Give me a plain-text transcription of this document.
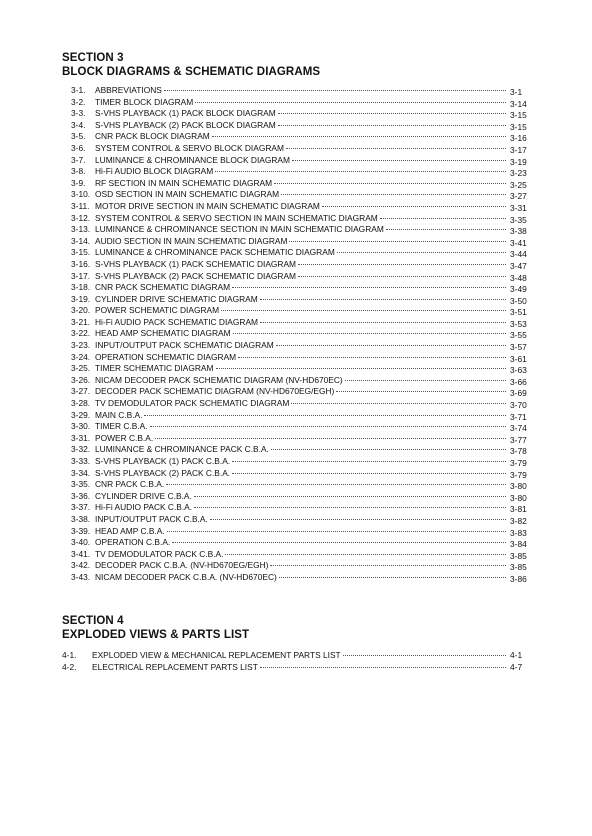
SECTION 3
BLOCK DIAGRAMS & SCHEMATIC DIAGRAMS
3-1.	ABBREVIATIONS	3-1
3-2.	TIMER BLOCK DIAGRAM	3-14
3-3.	S-VHS PLAYBACK (1) PACK BLOCK DIAGRAM	3-15
3-4.	S-VHS PLAYBACK (2) PACK BLOCK DIAGRAM	3-15
3-5.	CNR PACK BLOCK DIAGRAM	3-16
3-6.	SYSTEM CONTROL & SERVO BLOCK DIAGRAM	3-17
3-7.	LUMINANCE & CHROMINANCE BLOCK DIAGRAM	3-19
3-8.	Hi-Fi AUDIO BLOCK DIAGRAM	3-23
3-9.	RF SECTION IN MAIN SCHEMATIC DIAGRAM	3-25
3-10. OSD SECTION IN MAIN SCHEMATIC DIAGRAM	3-27
3-11. MOTOR DRIVE SECTION IN MAIN SCHEMATIC DIAGRAM	3-31
3-12. SYSTEM CONTROL & SERVO SECTION IN MAIN SCHEMATIC DIAGRAM	3-35
3-13. LUMINANCE & CHROMINANCE SECTION IN MAIN SCHEMATIC DIAGRAM	3-38
3-14. AUDIO SECTION IN MAIN SCHEMATIC DIAGRAM	3-41
3-15. LUMINANCE & CHROMINANCE PACK SCHEMATIC DIAGRAM	3-44
3-16. S-VHS PLAYBACK (1) PACK SCHEMATIC DIAGRAM	3-47
3-17. S-VHS PLAYBACK (2) PACK SCHEMATIC DIAGRAM	3-48
3-18. CNR PACK SCHEMATIC DIAGRAM	3-49
3-19. CYLINDER DRIVE SCHEMATIC DIAGRAM	3-50
3-20. POWER SCHEMATIC DIAGRAM	3-51
3-21. Hi-Fi AUDIO PACK SCHEMATIC DIAGRAM	3-53
3-22. HEAD AMP SCHEMATIC DIAGRAM	3-55
3-23. INPUT/OUTPUT PACK SCHEMATIC DIAGRAM	3-57
3-24. OPERATION SCHEMATIC DIAGRAM	3-61
3-25. TIMER SCHEMATIC DIAGRAM	3-63
3-26. NICAM DECODER PACK SCHEMATIC DIAGRAM (NV-HD670EC)	3-66
3-27. DECODER PACK SCHEMATIC DIAGRAM (NV-HD670EG/EGH)	3-69
3-28. TV DEMODULATOR PACK SCHEMATIC DIAGRAM	3-70
3-29. MAIN C.B.A.	3-71
3-30. TIMER C.B.A.	3-74
3-31. POWER C.B.A.	3-77
3-32. LUMINANCE & CHROMINANCE PACK C.B.A.	3-78
3-33. S-VHS PLAYBACK (1) PACK C.B.A.	3-79
3-34. S-VHS PLAYBACK (2) PACK C.B.A.	3-79
3-35. CNR PACK C.B.A.	3-80
3-36. CYLINDER DRIVE C.B.A.	3-80
3-37. Hi-Fi AUDIO PACK C.B.A.	3-81
3-38. INPUT/OUTPUT PACK C.B.A.	3-82
3-39. HEAD AMP C.B.A.	3-83
3-40. OPERATION C.B.A.	3-84
3-41. TV DEMODULATOR PACK C.B.A.	3-85
3-42. DECODER PACK C.B.A. (NV-HD670EG/EGH)	3-85
3-43. NICAM DECODER PACK C.B.A. (NV-HD670EC)	3-86
SECTION 4
EXPLODED VIEWS & PARTS LIST
4-1.	EXPLODED VIEW & MECHANICAL REPLACEMENT PARTS LIST	4-1
4-2.	ELECTRICAL REPLACEMENT PARTS LIST	4-7
